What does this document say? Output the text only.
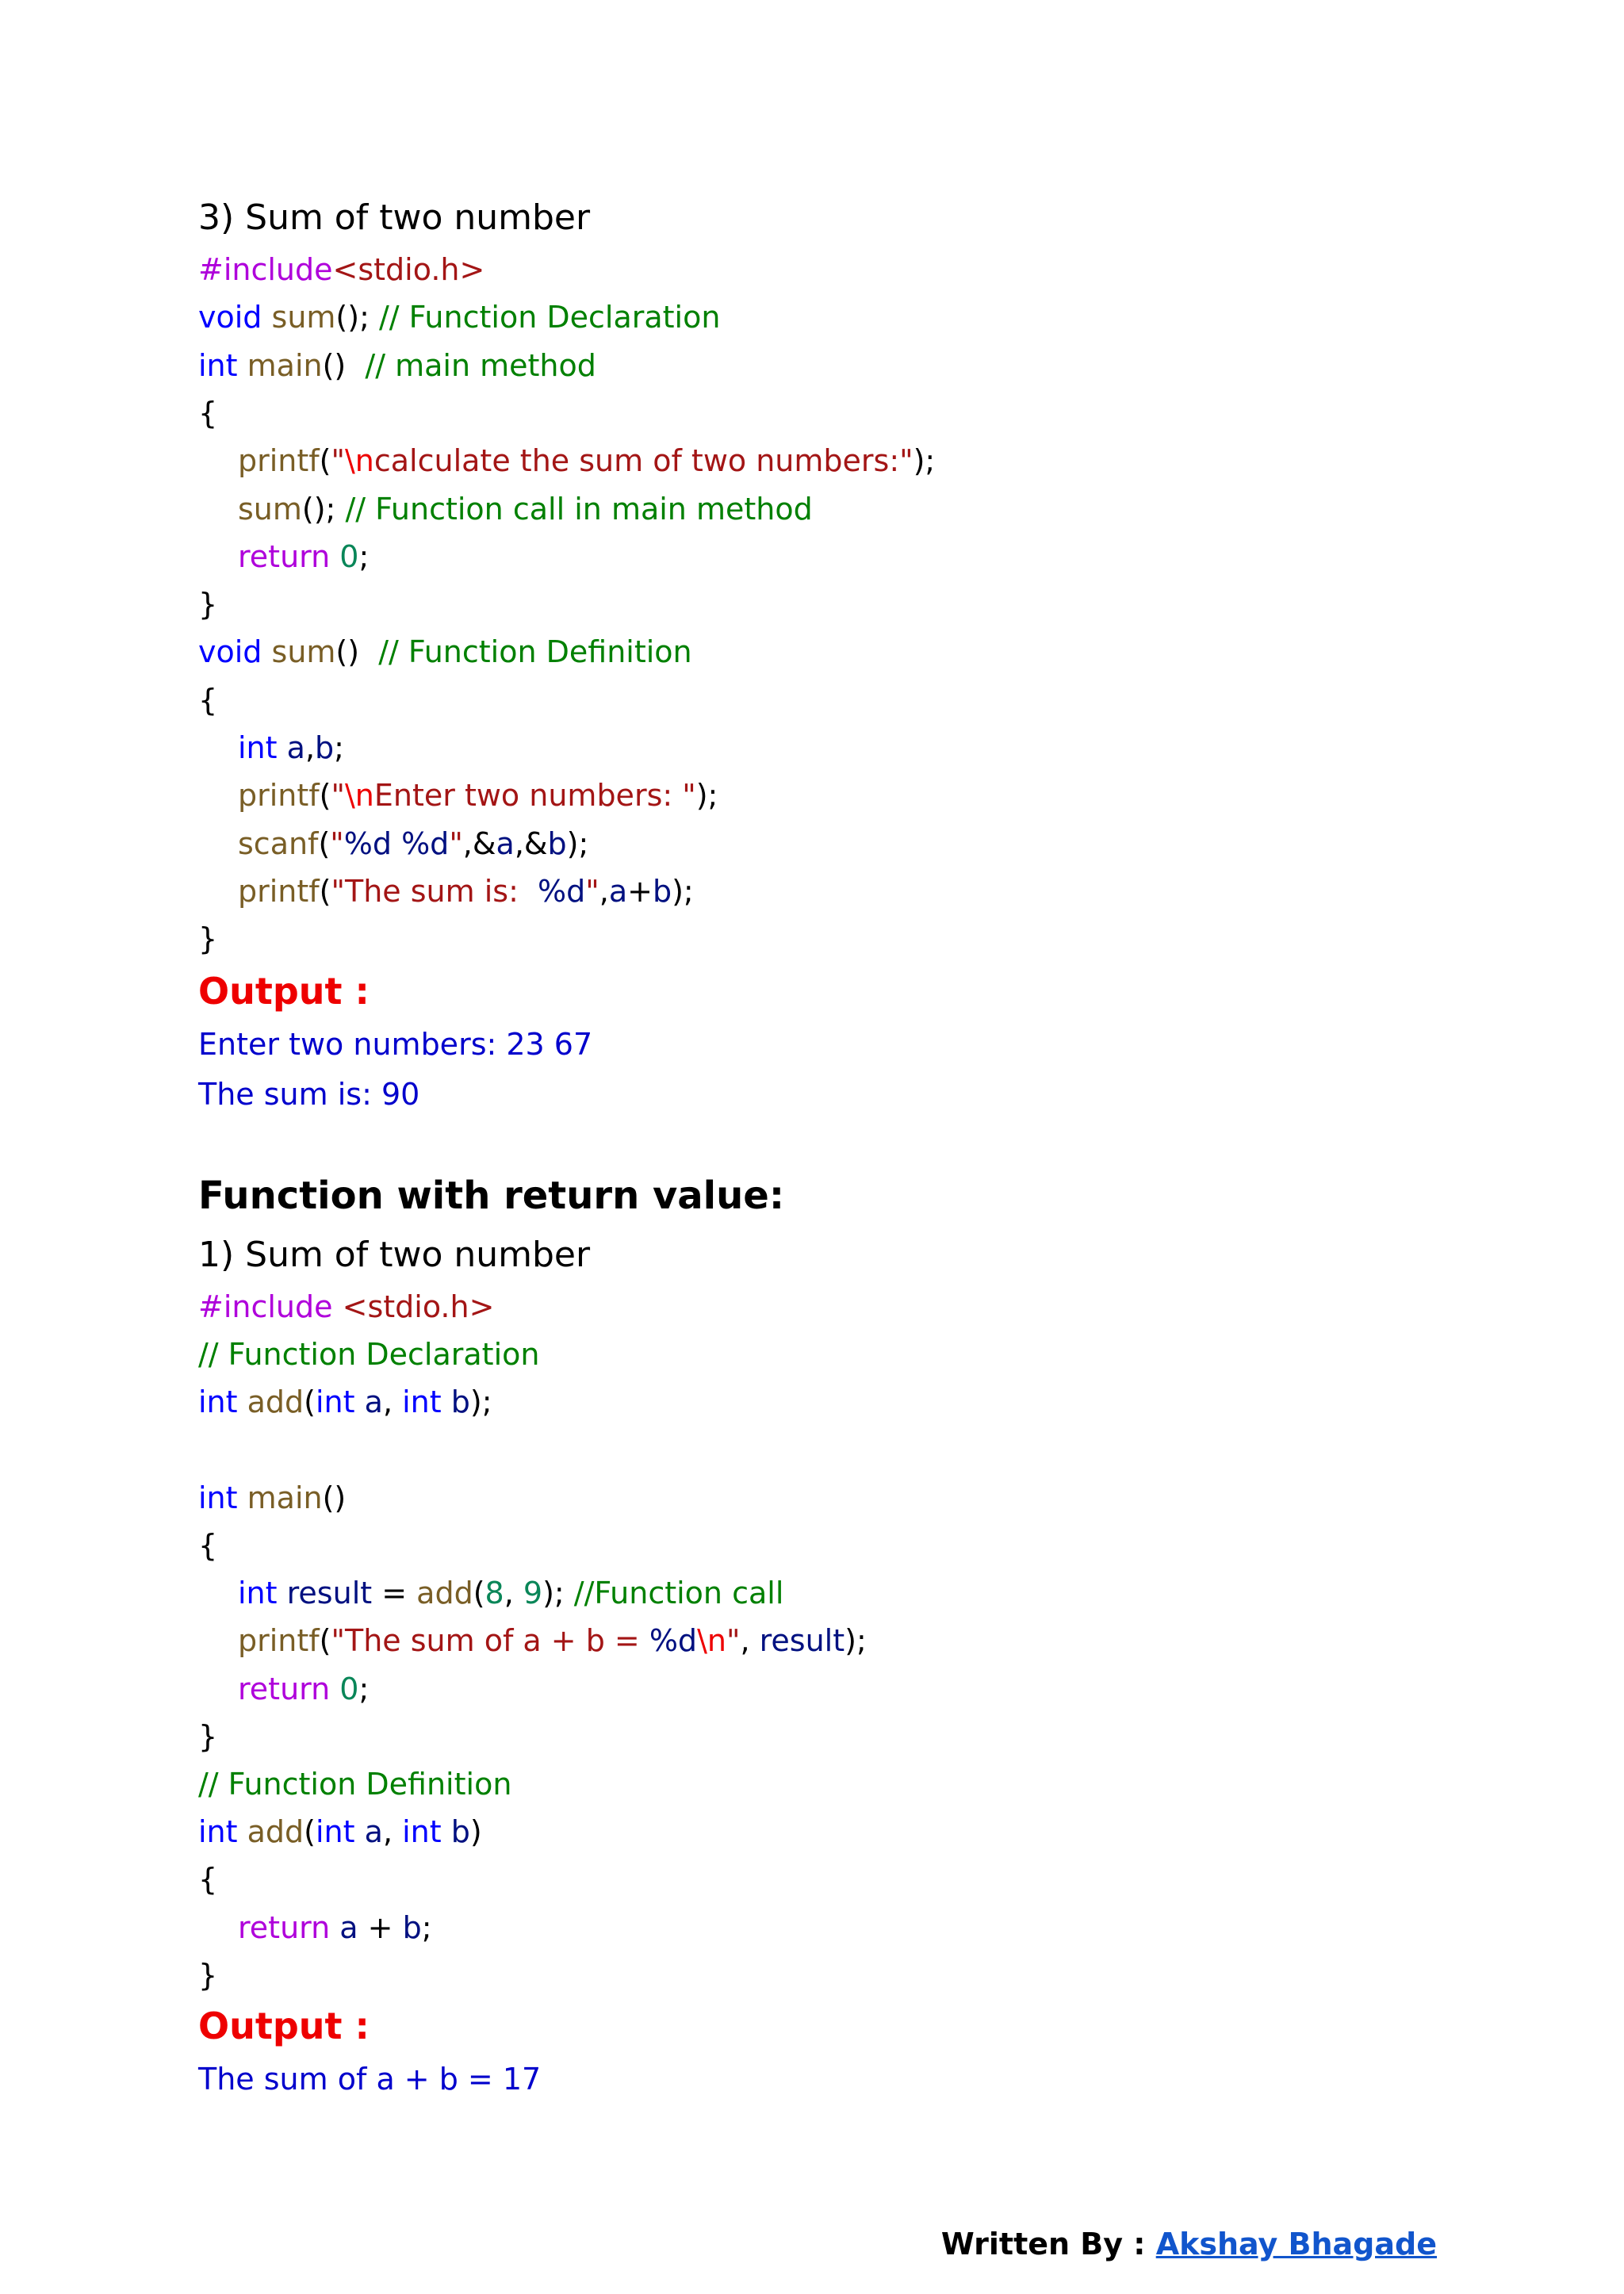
3) Sum of two number
#include<stdio.h>
void sum(); // Function Declaration
int main()  // main method
{
printf("\ncalculate the sum of two numbers:");
sum(); // Function call in main method
return 0;
}
void sum()  // Function Definition
{
int a,b;
printf("\nEnter two numbers: ");
scanf("%d %d",&a,&b);
printf("The sum is:  %d",a+b);
}
Output :
Enter two numbers: 23 67
The sum is: 90
Function with return value:
1) Sum of two number
#include <stdio.h>
// Function Declaration
int add(int a, int b);
int main()
{
int result = add(8, 9); //Function call
printf("The sum of a + b = %d\n", result);
return 0;
}
// Function Definition
int add(int a, int b)
{
return a + b;
}
Output :
The sum of a + b = 17
Written By : Akshay Bhagade
